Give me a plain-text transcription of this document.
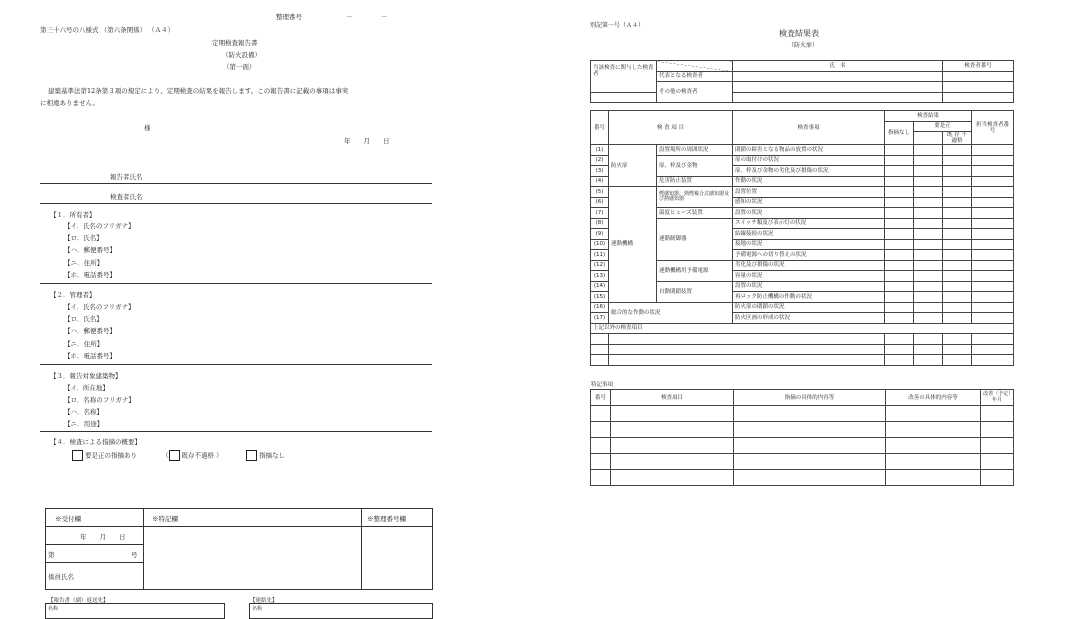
整理番号	－	－
第三十六号の八様式 （第六条関係） （Ａ４）
定期検査報告書
（防火設備）
（第一面）
建築基準法第12条第３項の規定により、定期検査の結果を報告します。この報告書に記載の事項は事実
に相違ありません。
様
年　　月　　日
報告者氏名
検査者氏名
【１．所有者】
【イ．氏名のフリガナ】
【ロ．氏名】
【ハ．郵便番号】
【ニ．住所】
【ホ．電話番号】
【２．管理者】
【イ．氏名のフリガナ】
【ロ．氏名】
【ハ．郵便番号】
【ニ．住所】
【ホ．電話番号】
【３．報告対象建築物】
【イ．所在地】
【ロ．名称のフリガナ】
【ハ．名称】
【ニ．用途】
【４．検査による指摘の概要】
要是正の指摘あり	（ 既存不適格 ）	指摘なし
※受付欄	※特記欄	※整理番号欄
年　　月　　日
第	号
係員氏名
【報告書（副）返送先】	【連絡先】
名称	名称
別記第一号（Ａ４）
検査結果表
（防火扉）
当該検査に関与した検査者		氏　名	検査者番号
	代表となる検査者		
	その他の検査者		

番号	検 査 項 目		検査事項	検査結果			担当検査者番号
				指摘なし	要是正		
						既 存 不適格	
(1)	防火扉	設置場所の周囲状況	閉鎖の障害となる物品の放置の状況				
(2)		扉、枠及び金物	扉の取付けの状況				
(3)			扉、枠及び金物の劣化及び損傷の状況				
(4)		危害防止装置	作動の状況				
(5)	連動機構	煙感知器、熱煙複合式感知器及び熱感知器	設置位置				
(6)			感知の状況				
(7)		温度ヒューズ装置	設置の状況				
(8)		連動制御器	スイッチ類及び表示灯の状況				
(9)			結線接続の状況				
(10)			接地の状況				
(11)			予備電源への切り替えの状況				
(12)		連動機構用予備電源	劣化及び損傷の状況				
(13)			容量の状況				
(14)		自動閉鎖装置	設置の状況				
(15)			再ロック防止機構の作動の状況				
(16)	総合的な作動の状況		防火扉の閉鎖の状況				
(17)			防火区画の形成の状況				
上記以外の検査項目							

特記事項
番号	検査項目	指摘の具体的内容等	改善の具体的内容等	改善（予定）年月
